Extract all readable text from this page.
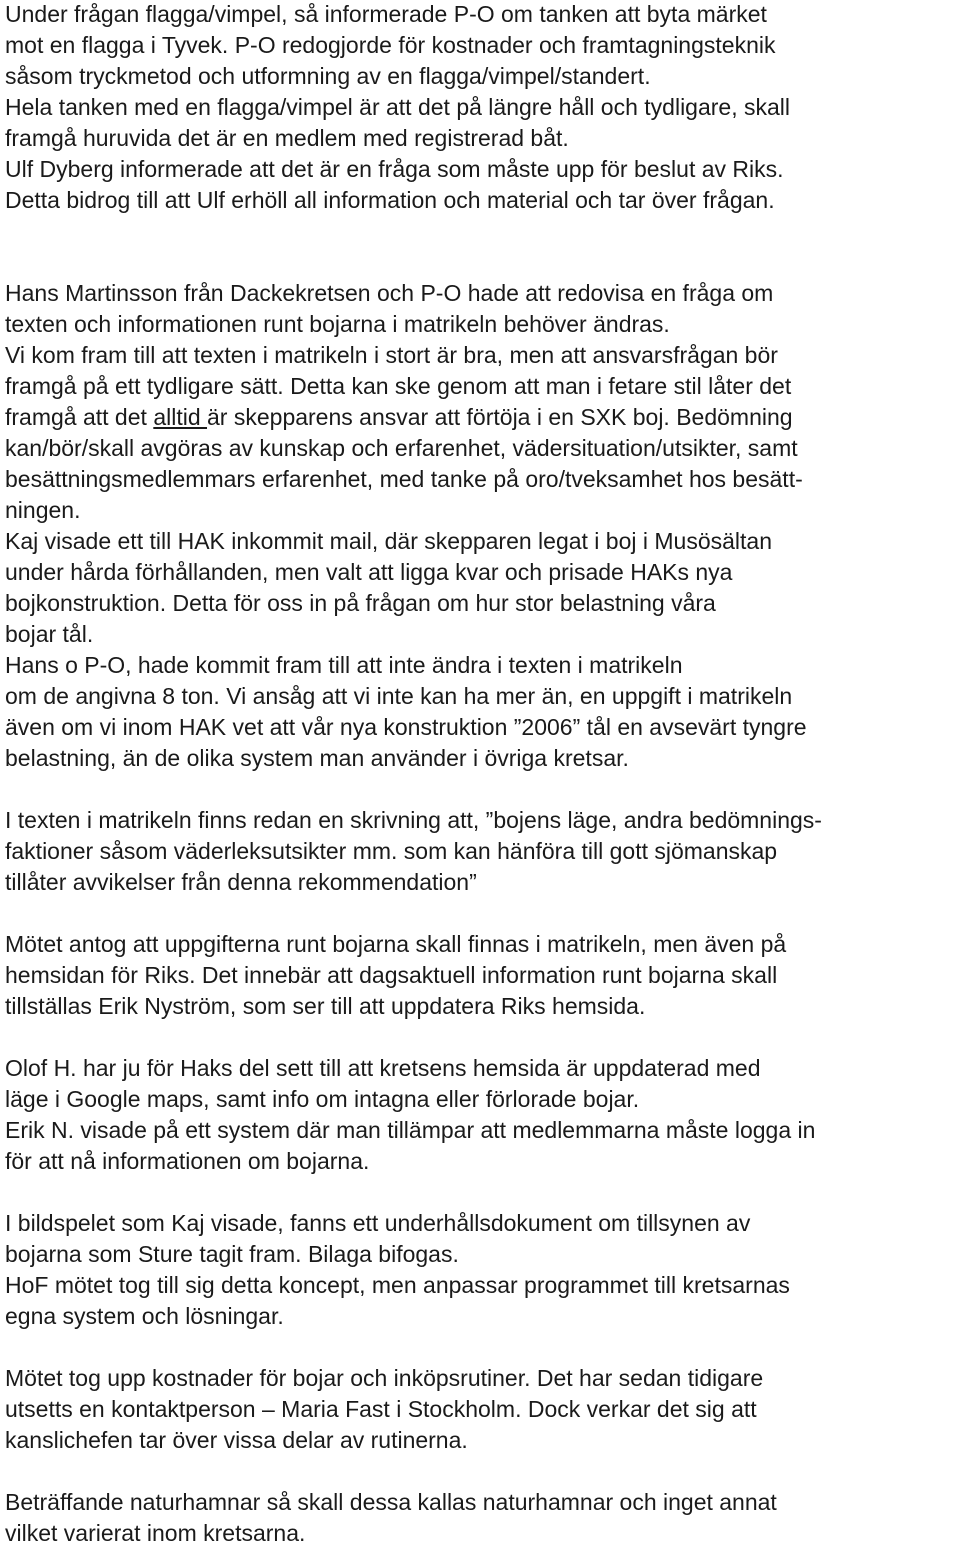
Under frågan flagga/vimpel, så informerade P-O om tanken att byta märket
mot en flagga i Tyvek. P-O redogjorde för kostnader och framtagningsteknik
såsom tryckmetod och utformning av en flagga/vimpel/standert.
Hela tanken med en flagga/vimpel är att det på längre håll och tydligare, skall
framgå huruvida det är en medlem med registrerad båt.
Ulf Dyberg informerade att det är en fråga som måste upp för beslut av Riks.
Detta bidrog till att Ulf erhöll all information och material och tar över frågan.
Hans Martinsson från Dackekretsen och P-O hade att redovisa en fråga om
texten och informationen runt bojarna i matrikeln behöver ändras.
Vi kom fram till att texten i matrikeln i stort är bra, men att ansvarsfrågan bör
framgå på ett tydligare sätt. Detta kan ske genom att man i fetare stil låter det
framgå att det alltid är skepparens ansvar att förtöja i en SXK boj. Bedömning
kan/bör/skall avgöras av kunskap och erfarenhet, vädersituation/utsikter, samt
besättningsmedlemmars erfarenhet, med tanke på oro/tveksamhet hos besätt-
ningen.
Kaj visade ett till HAK inkommit mail, där skepparen legat i boj i Musösältan
under hårda förhållanden, men valt att ligga kvar och prisade HAKs nya
bojkonstruktion. Detta för oss in på frågan om hur stor belastning våra
bojar tål.
Hans o P-O, hade kommit fram till att inte ändra i texten i matrikeln
om de angivna 8 ton. Vi ansåg att vi inte kan ha mer än, en uppgift i matrikeln
även om vi inom HAK vet att vår nya konstruktion ”2006” tål en avsevärt tyngre
belastning, än de olika system man använder i övriga kretsar.
I texten i matrikeln finns redan en skrivning att, ”bojens läge, andra bedömnings-
faktioner såsom väderleksutsikter mm. som kan hänföra till gott sjömanskap
tillåter avvikelser från denna rekommendation”
Mötet antog att uppgifterna runt bojarna skall finnas i matrikeln, men även på
hemsidan för Riks. Det innebär att dagsaktuell information runt bojarna skall
tillställas Erik Nyström, som ser till att uppdatera Riks hemsida.
Olof H. har ju för Haks del sett till att kretsens hemsida är uppdaterad med
läge i Google maps, samt info om intagna eller förlorade bojar.
Erik N. visade på ett system där man tillämpar att medlemmarna måste logga in
för att nå informationen om bojarna.
I bildspelet som Kaj visade, fanns ett underhållsdokument om tillsynen av
bojarna som Sture tagit fram. Bilaga bifogas.
HoF mötet tog till sig detta koncept, men anpassar programmet till kretsarnas
egna system och lösningar.
Mötet tog upp kostnader för bojar och inköpsrutiner. Det har sedan tidigare
utsetts en kontaktperson – Maria Fast i Stockholm. Dock verkar det sig att
kanslichefen tar över vissa delar av rutinerna.
Beträffande naturhamnar så skall dessa kallas naturhamnar och inget annat
vilket varierat inom kretsarna.
